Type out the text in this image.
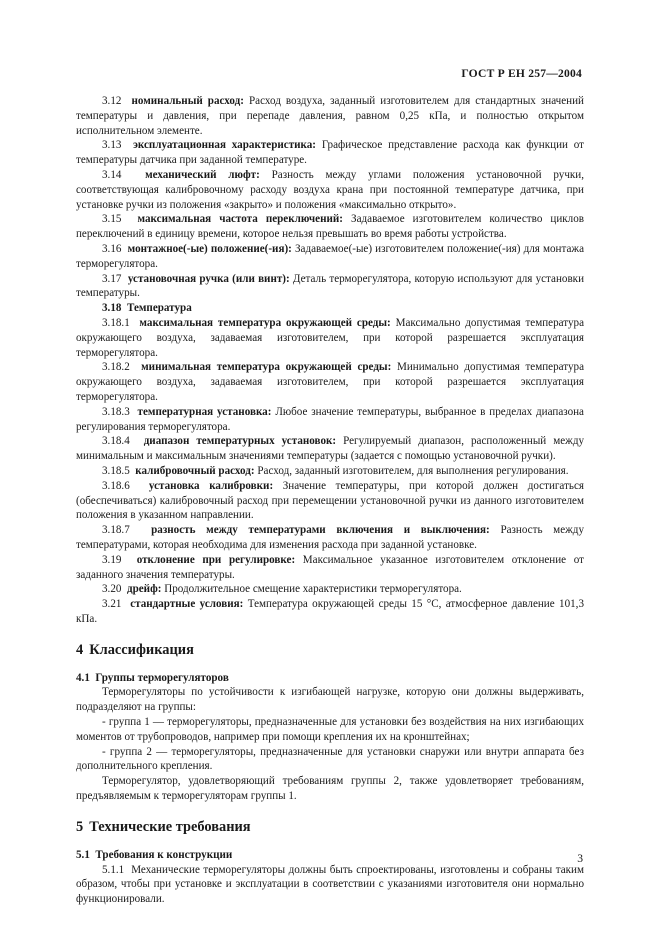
ГОСТ Р ЕН 257—2004

3.12 номинальный расход: Расход воздуха, заданный изготовителем для стандартных значений температуры и давления, при перепаде давления, равном 0,25 кПа, и полностью открытом исполнительном элементе.

3.13 эксплуатационная характеристика: Графическое представление расхода как функции от температуры датчика при заданной температуре.

3.14 механический люфт: Разность между углами положения установочной ручки, соответствующая калибровочному расходу воздуха крана при постоянной температуре датчика, при установке ручки из положения «закрыто» и положения «максимально открыто».

3.15 максимальная частота переключений: Задаваемое изготовителем количество циклов переключений в единицу времени, которое нельзя превышать во время работы устройства.

3.16 монтажное(-ые) положение(-ия): Задаваемое(-ые) изготовителем положение(-ия) для монтажа терморегулятора.

3.17 установочная ручка (или винт): Деталь терморегулятора, которую используют для установки температуры.

3.18 Температура

3.18.1 максимальная температура окружающей среды: Максимально допустимая температура окружающего воздуха, задаваемая изготовителем, при которой разрешается эксплуатация терморегулятора.

3.18.2 минимальная температура окружающей среды: Минимально допустимая температура окружающего воздуха, задаваемая изготовителем, при которой разрешается эксплуатация терморегулятора.

3.18.3 температурная установка: Любое значение температуры, выбранное в пределах диапазона регулирования терморегулятора.

3.18.4 диапазон температурных установок: Регулируемый диапазон, расположенный между минимальным и максимальным значениями температуры (задается с помощью установочной ручки).

3.18.5 калибровочный расход: Расход, заданный изготовителем, для выполнения регулирования.

3.18.6 установка калибровки: Значение температуры, при которой должен достигаться (обеспечиваться) калибровочный расход при перемещении установочной ручки из данного изготовителем положения в указанном направлении.

3.18.7 разность между температурами включения и выключения: Разность между температурами, которая необходима для изменения расхода при заданной установке.

3.19 отклонение при регулировке: Максимальное указанное изготовителем отклонение от заданного значения температуры.

3.20 дрейф: Продолжительное смещение характеристики терморегулятора.

3.21 стандартные условия: Температура окружающей среды 15 °С, атмосферное давление 101,3 кПа.

4 Классификация

4.1 Группы терморегуляторов

Терморегуляторы по устойчивости к изгибающей нагрузке, которую они должны выдерживать, подразделяют на группы:

- группа 1 — терморегуляторы, предназначенные для установки без воздействия на них изгибающих моментов от трубопроводов, например при помощи крепления их на кронштейнах;

- группа 2 — терморегуляторы, предназначенные для установки снаружи или внутри аппарата без дополнительного крепления.

Терморегулятор, удовлетворяющий требованиям группы 2, также удовлетворяет требованиям, предъявляемым к терморегуляторам группы 1.

5 Технические требования

5.1 Требования к конструкции

5.1.1 Механические терморегуляторы должны быть спроектированы, изготовлены и собраны таким образом, чтобы при установке и эксплуатации в соответствии с указаниями изготовителя они нормально функционировали.

3
